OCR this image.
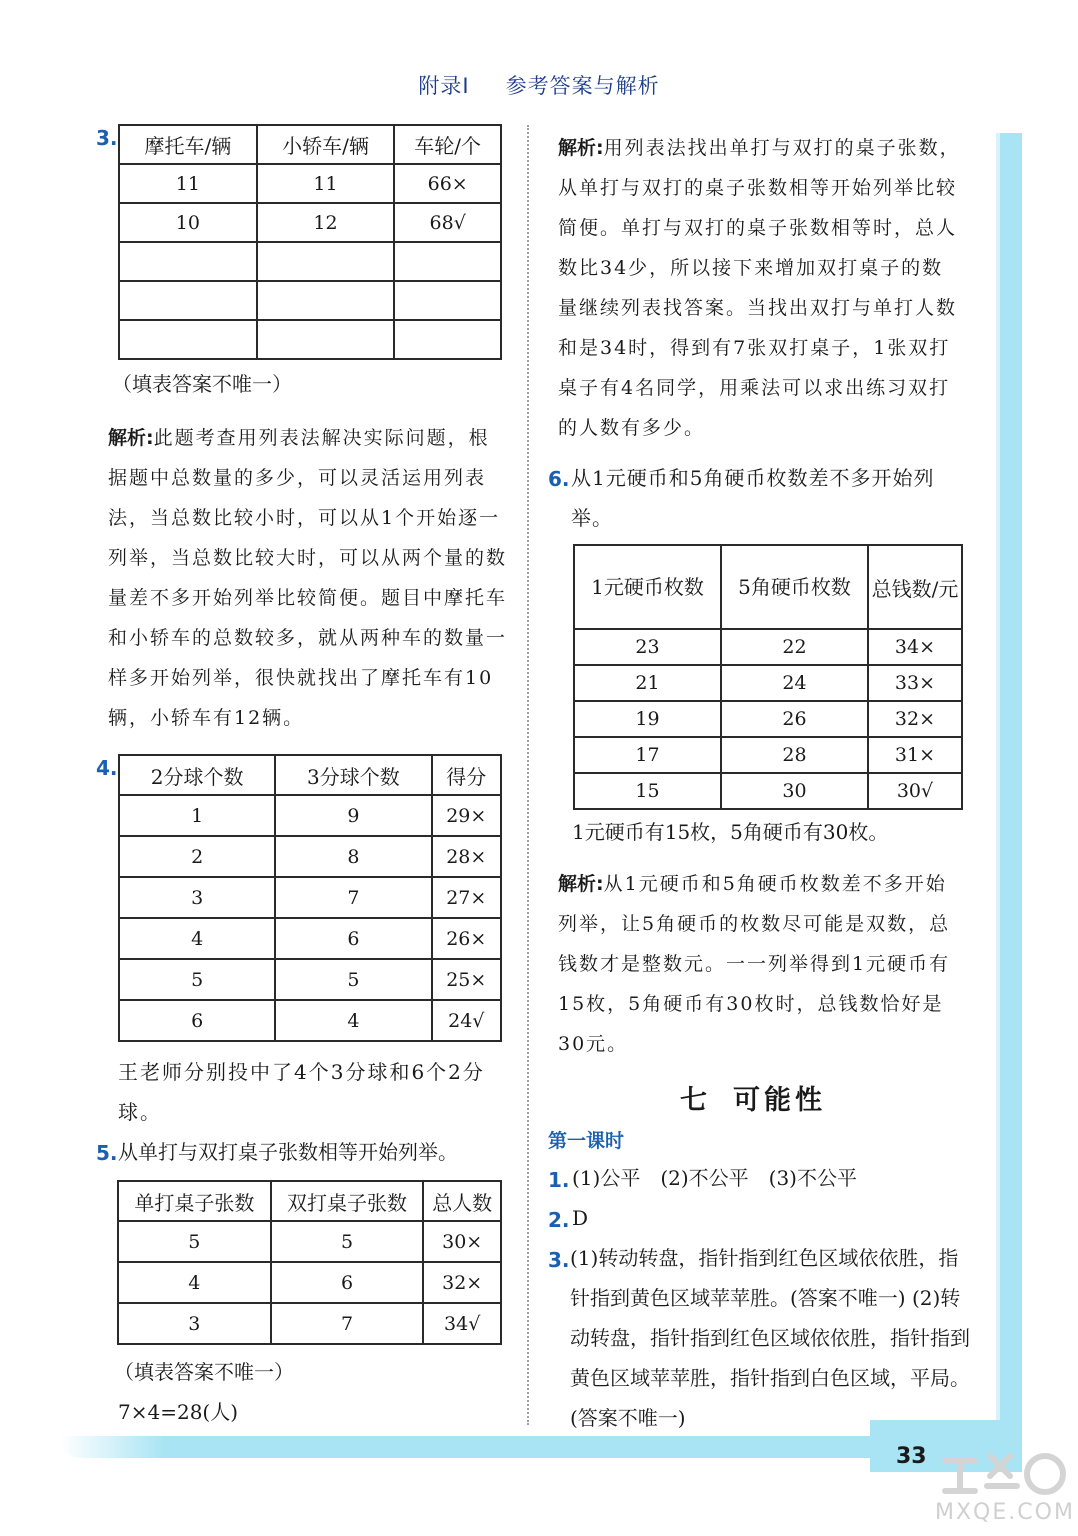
附录Ⅰ 参考答案与解析
33
3. 摩托车/辆	小轿车/辆	车轮/个
11	11	66×
10	12	68√

（填表答案不唯一）
解析:此题考查用列表法解决实际问题，根据题中总数量的多少，可以灵活运用列表法，当总数比较小时，可以从1个开始逐一列举，当总数比较大时，可以从两个量的数量差不多开始列举比较简便。题目中摩托车和小轿车的总数较多，就从两种车的数量一样多开始列举，很快就找出了摩托车有10辆，小轿车有12辆。
4. 2分球个数	3分球个数	得分
1	9	29×
2	8	28×
3	7	27×
4	6	26×
5	5	25×
6	4	24√
王老师分别投中了4个3分球和6个2分球。
5. 从单打与双打桌子张数相等开始列举。
单打桌子张数	双打桌子张数	总人数
5	5	30×
4	6	32×
3	7	34√
（填表答案不唯一）
7×4=28(人)
解析:用列表法找出单打与双打的桌子张数，从单打与双打的桌子张数相等开始列举比较简便。单打与双打的桌子张数相等时，总人数比34少，所以接下来增加双打桌子的数量继续列表找答案。当找出双打与单打人数和是34时，得到有7张双打桌子，1张双打桌子有4名同学，用乘法可以求出练习双打的人数有多少。
6. 从1元硬币和5角硬币枚数差不多开始列举。
1元硬币枚数	5角硬币枚数	总钱数/元
23	22	34×
21	24	33×
19	26	32×
17	28	31×
15	30	30√
1元硬币有15枚，5角硬币有30枚。
解析:从1元硬币和5角硬币枚数差不多开始列举，让5角硬币的枚数尽可能是双数，总钱数才是整数元。一一列举得到1元硬币有15枚，5角硬币有30枚时，总钱数恰好是30元。
七 可能性
第一课时
1. (1)公平　(2)不公平　(3)不公平
2. D
3. (1)转动转盘，指针指到红色区域依依胜，指针指到黄色区域苹苹胜。(答案不唯一) (2)转动转盘，指针指到红色区域依依胜，指针指到黄色区域苹苹胜，指针指到白色区域，平局。(答案不唯一)
MXQE.COM
